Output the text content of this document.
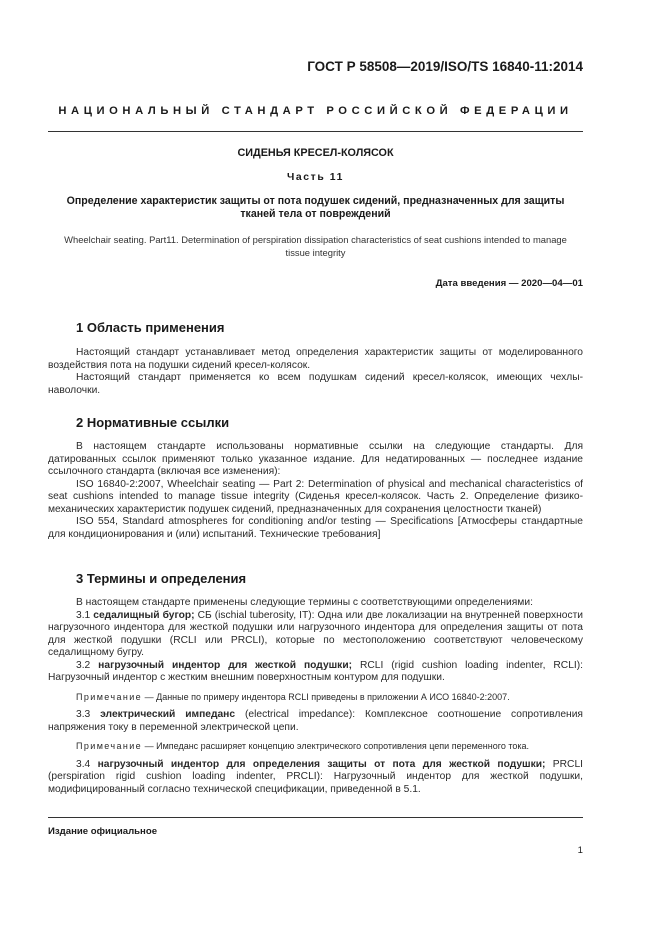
ГОСТ Р 58508—2019/ISO/TS 16840-11:2014
НАЦИОНАЛЬНЫЙ СТАНДАРТ РОССИЙСКОЙ ФЕДЕРАЦИИ
СИДЕНЬЯ КРЕСЕЛ-КОЛЯСОК
Часть 11
Определение характеристик защиты от пота подушек сидений, предназначенных для защиты тканей тела от повреждений
Wheelchair seating. Part11. Determination of perspiration dissipation characteristics of seat cushions intended to manage tissue integrity
Дата введения — 2020—04—01
1 Область применения

Настоящий стандарт устанавливает метод определения характеристик защиты от моделированного воздействия пота на подушки сидений кресел-колясок.

Настоящий стандарт применяется ко всем подушкам сидений кресел-колясок, имеющих чехлы-наволочки.

2 Нормативные ссылки

В настоящем стандарте использованы нормативные ссылки на следующие стандарты. Для датированных ссылок применяют только указанное издание. Для недатированных — последнее издание ссылочного стандарта (включая все изменения):

ISO 16840-2:2007, Wheelchair seating — Part 2: Determination of physical and mechanical characteristics of seat cushions intended to manage tissue integrity (Сиденья кресел-колясок. Часть 2. Определение физико-механических характеристик подушек сидений, предназначенных для сохранения целостности тканей)

ISO 554, Standard atmospheres for conditioning and/or testing — Specifications [Атмосферы стандартные для кондиционирования и (или) испытаний. Технические требования]

3 Термины и определения

В настоящем стандарте применены следующие термины с соответствующими определениями:

3.1 седалищный бугор; СБ (ischial tuberosity, IT): Одна или две локализации на внутренней поверхности нагрузочного индентора для жесткой подушки или нагрузочного индентора для определения защиты от пота для жесткой подушки (RCLI или PRCLI), которые по местоположению соответствуют человеческому седалищному бугру.

3.2 нагрузочный индентор для жесткой подушки; RCLI (rigid cushion loading indenter, RCLI): Нагрузочный индентор с жестким внешним поверхностным контуром для подушки.

Примечание — Данные по примеру индентора RCLI приведены в приложении А ИСО 16840-2:2007.

3.3 электрический импеданс (electrical impedance): Комплексное соотношение сопротивления напряжения току в переменной электрической цепи.

Примечание — Импеданс расширяет концепцию электрического сопротивления цепи переменного тока.

3.4 нагрузочный индентор для определения защиты от пота для жесткой подушки; PRCLI (perspiration rigid cushion loading indenter, PRCLI): Нагрузочный индентор для жесткой подушки, модифицированный согласно технической спецификации, приведенной в 5.1.

Издание официальное
1
